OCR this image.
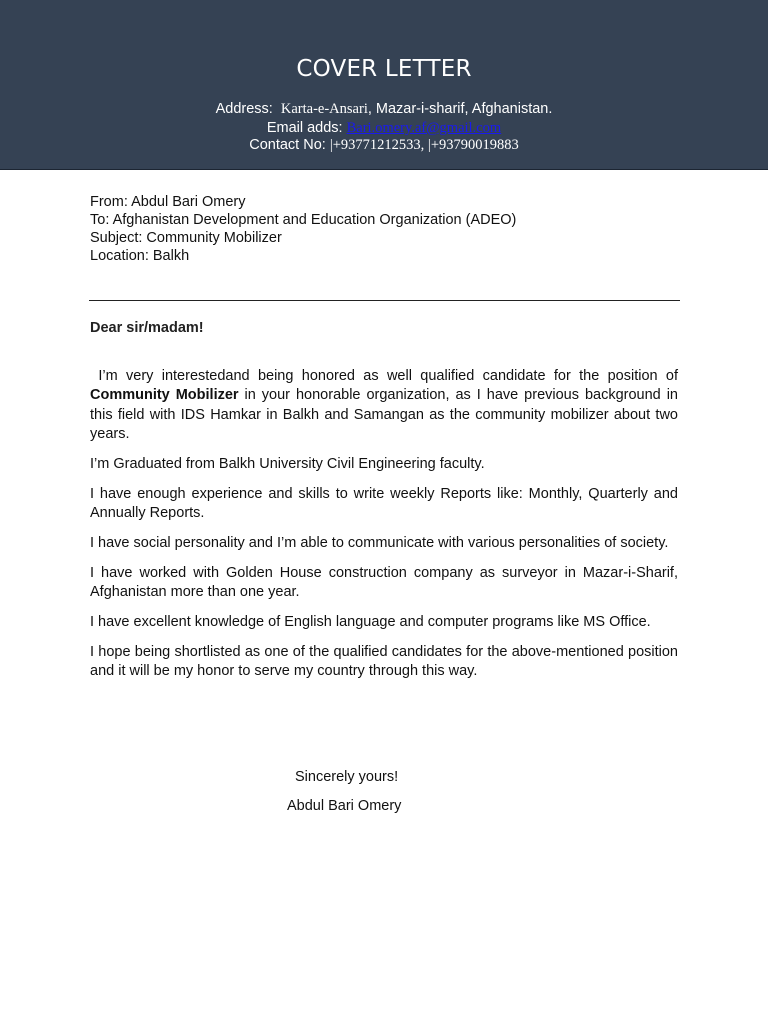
COVER LETTER
Address: Karta-e-Ansari, Mazar-i-sharif, Afghanistan.
Email adds: Bari.omery.af@gmail.com
Contact No: |+93771212533, |+93790019883
From: Abdul Bari Omery
To: Afghanistan Development and Education Organization (ADEO)
Subject: Community Mobilizer
Location: Balkh
Dear sir/madam!

I’m very interestedand being honored as well qualified candidate for the position of Community Mobilizer in your honorable organization, as I have previous background in this field with IDS Hamkar in Balkh and Samangan as the community mobilizer about two years.

I’m Graduated from Balkh University Civil Engineering faculty.

I have enough experience and skills to write weekly Reports like: Monthly, Quarterly and Annually Reports.

I have social personality and I’m able to communicate with various personalities of society.

I have worked with Golden House construction company as surveyor in Mazar-i-Sharif, Afghanistan more than one year.

I have excellent knowledge of English language and computer programs like MS Office.

I hope being shortlisted as one of the qualified candidates for the above-mentioned position and it will be my honor to serve my country through this way.

Sincerely yours!
Abdul Bari Omery
